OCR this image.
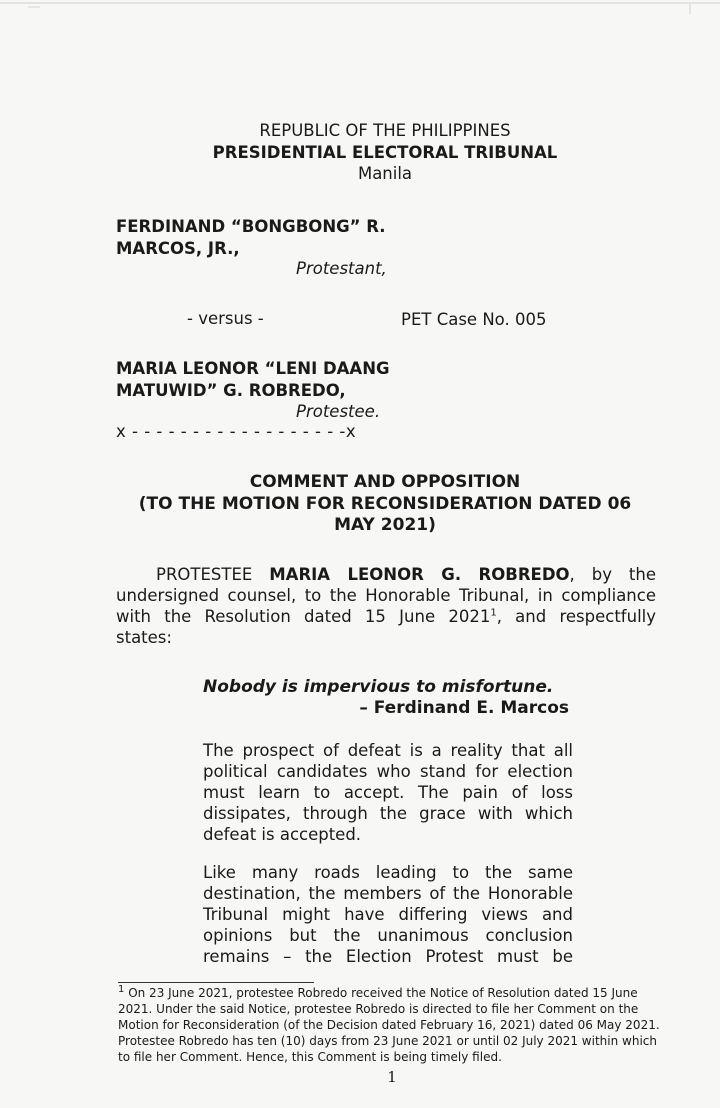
REPUBLIC OF THE PHILIPPINES
PRESIDENTIAL ELECTORAL TRIBUNAL
Manila
FERDINAND “BONGBONG” R.
MARCOS, JR.,
Protestant,
- versus -	PET Case No. 005
MARIA LEONOR “LENI DAANG
MATUWID” G. ROBREDO,
Protestee.
x - - - - - - - - - - - - - - - - - -x
COMMENT AND OPPOSITION
(TO THE MOTION FOR RECONSIDERATION DATED 06
MAY 2021)
PROTESTEE MARIA LEONOR G. ROBREDO, by the
undersigned counsel, to the Honorable Tribunal, in compliance
with the Resolution dated 15 June 2021$^1$, and respectfully
states:
Nobody is impervious to misfortune.
– Ferdinand E. Marcos
The prospect of defeat is a reality that all
political candidates who stand for election
must learn to accept. The pain of loss
dissipates, through the grace with which
defeat is accepted.
Like many roads leading to the same
destination, the members of the Honorable
Tribunal might have differing views and
opinions but the unanimous conclusion
remains – the Election Protest must be
$^1$ On 23 June 2021, protestee Robredo received the Notice of Resolution dated 15 June
2021. Under the said Notice, protestee Robredo is directed to file her Comment on the
Motion for Reconsideration (of the Decision dated February 16, 2021) dated 06 May 2021.
Protestee Robredo has ten (10) days from 23 June 2021 or until 02 July 2021 within which
to file her Comment. Hence, this Comment is being timely filed.
1
